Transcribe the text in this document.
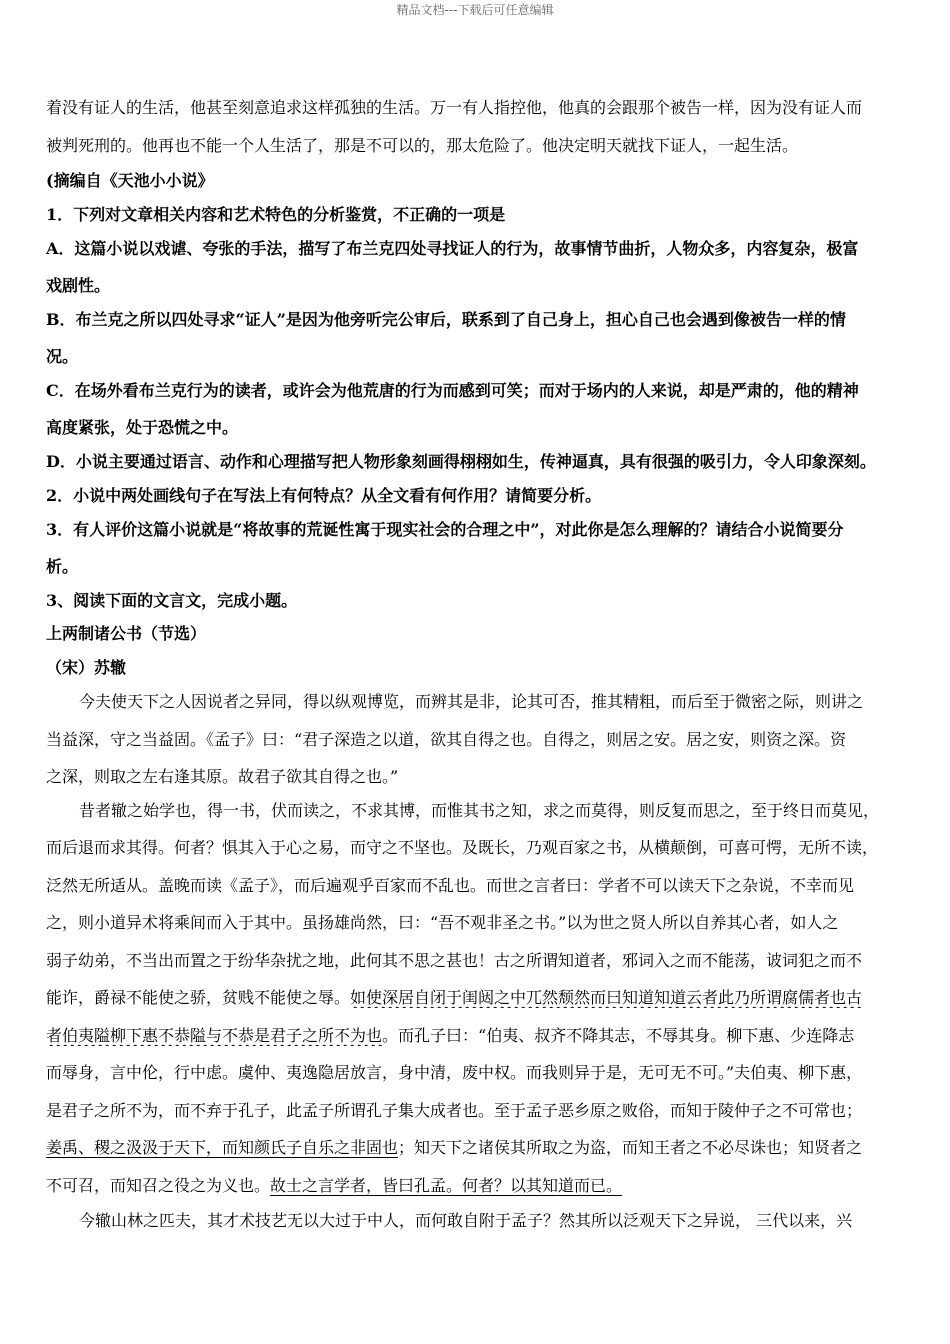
精品文档---下载后可任意编辑
着没有证人的生活，他甚至刻意追求这样孤独的生活。万一有人指控他，他真的会跟那个被告一样，因为没有证人而
被判死刑的。他再也不能一个人生活了，那是不可以的，那太危险了。他决定明天就找下证人，一起生活。
(摘编自《天池小小说》
1．下列对文章相关内容和艺术特色的分析鉴赏，不正确的一项是
A．这篇小说以戏谑、夸张的手法，描写了布兰克四处寻找证人的行为，故事情节曲折，人物众多，内容复杂，极富
戏剧性。
B．布兰克之所以四处寻求“证人”是因为他旁听完公审后，联系到了自己身上，担心自己也会遇到像被告一样的情
况。
C．在场外看布兰克行为的读者，或许会为他荒唐的行为而感到可笑；而对于场内的人来说，却是严肃的，他的精神
高度紧张，处于恐慌之中。
D．小说主要通过语言、动作和心理描写把人物形象刻画得栩栩如生，传神逼真，具有很强的吸引力，令人印象深刻。
2．小说中两处画线句子在写法上有何特点？从全文看有何作用？请简要分析。
3．有人评价这篇小说就是“将故事的荒诞性寓于现实社会的合理之中”，对此你是怎么理解的？请结合小说简要分
析。
3、阅读下面的文言文，完成小题。
上两制诸公书（节选）
（宋）苏辙
今夫使天下之人因说者之异同，得以纵观博览，而辨其是非，论其可否，推其精粗，而后至于微密之际，则讲之
当益深，守之当益固。《孟子》曰：“君子深造之以道，欲其自得之也。自得之，则居之安。居之安，则资之深。资
之深，则取之左右逢其原。故君子欲其自得之也。”
昔者辙之始学也，得一书，伏而读之，不求其博，而惟其书之知，求之而莫得，则反复而思之，至于终日而莫见，
而后退而求其得。何者？惧其入于心之易，而守之不坚也。及既长，乃观百家之书，从横颠倒，可喜可愕，无所不读，
泛然无所适从。盖晚而读《孟子》，而后遍观乎百家而不乱也。而世之言者曰：学者不可以读天下之杂说，不幸而见
之，则小道异术将乘间而入于其中。虽扬雄尚然，曰：“吾不观非圣之书。”以为世之贤人所以自养其心者，如人之
弱子幼弟，不当出而置之于纷华杂扰之地，此何其不思之甚也！古之所谓知道者，邪词入之而不能荡，诐词犯之而不
能诈，爵禄不能使之骄，贫贱不能使之辱。如使深居自闭于闺闼之中兀然颓然而曰知道知道云者此乃所谓腐儒者也古
者伯夷隘柳下惠不恭隘与不恭是君子之所不为也。而孔子曰：“伯夷、叔齐不降其志，不辱其身。柳下惠、少连降志
而辱身，言中伦，行中虑。虞仲、夷逸隐居放言，身中清，废中权。而我则异于是，无可无不可。”夫伯夷、柳下惠，
是君子之所不为，而不弃于孔子，此孟子所谓孔子集大成者也。至于孟子恶乡原之败俗，而知于陵仲子之不可常也；
姜禹、稷之汲汲于天下，而知颜氏子自乐之非固也；知天下之诸侯其所取之为盗，而知王者之不必尽诛也；知贤者之
不可召，而知召之役之为义也。故士之言学者，皆曰孔孟。何者？以其知道而已。
今辙山林之匹夫，其才术技艺无以大过于中人，而何敢自附于孟子？然其所以泛观天下之异说， 三代以来，兴
